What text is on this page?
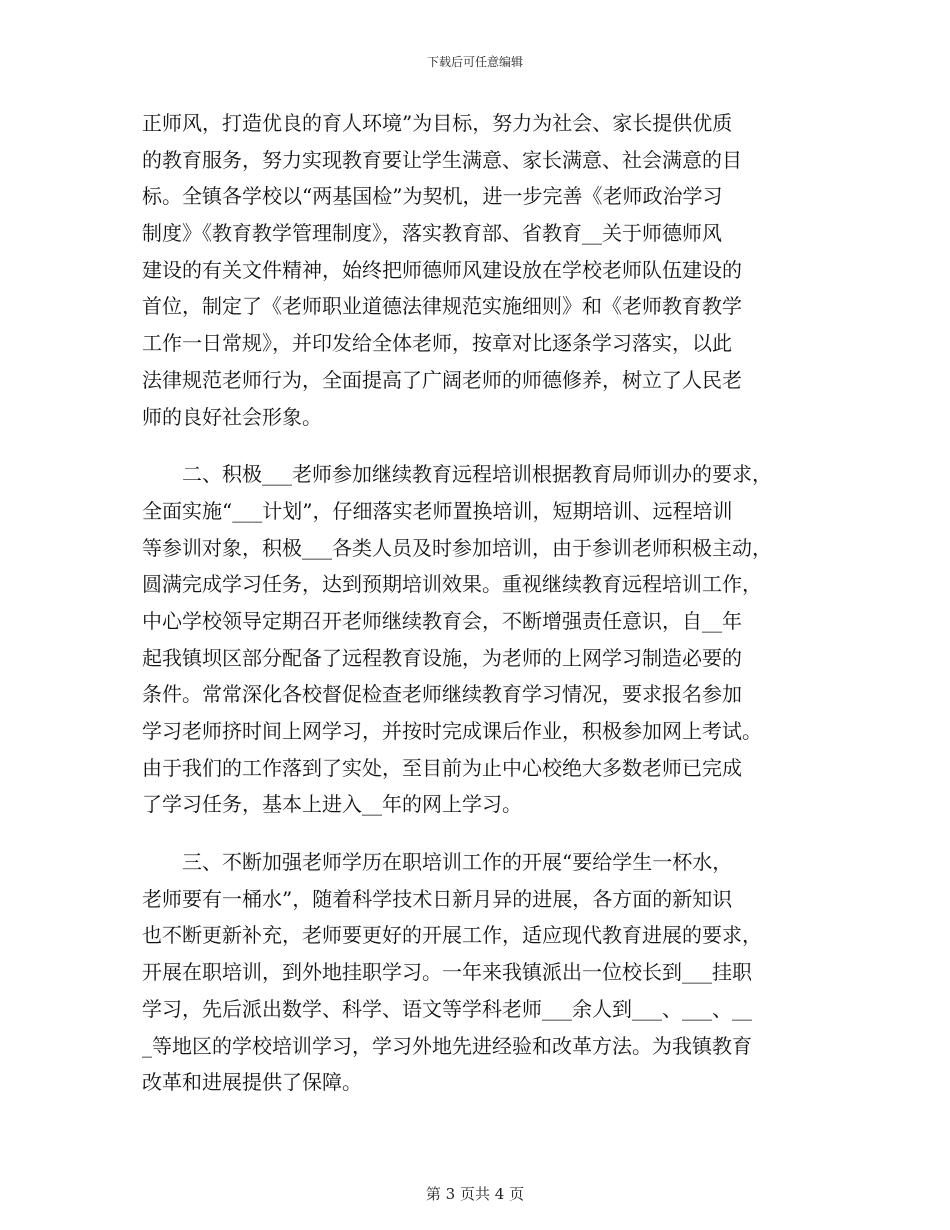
下载后可任意编辑
正师风，打造优良的育人环境”为目标，努力为社会、家长提供优质
的教育服务，努力实现教育要让学生满意、家长满意、社会满意的目
标。全镇各学校以“两基国检”为契机，进一步完善《老师政治学习
制度》《教育教学管理制度》，落实教育部、省教育__关于师德师风
建设的有关文件精神，始终把师德师风建设放在学校老师队伍建设的
首位，制定了《老师职业道德法律规范实施细则》和《老师教育教学
工作一日常规》，并印发给全体老师，按章对比逐条学习落实，以此
法律规范老师行为，全面提高了广阔老师的师德修养，树立了人民老
师的良好社会形象。
　　二、积极___老师参加继续教育远程培训根据教育局师训办的要求，
全面实施“___计划”，仔细落实老师置换培训，短期培训、远程培训
等参训对象，积极___各类人员及时参加培训，由于参训老师积极主动，
圆满完成学习任务，达到预期培训效果。重视继续教育远程培训工作，
中心学校领导定期召开老师继续教育会，不断增强责任意识，自__年
起我镇坝区部分配备了远程教育设施，为老师的上网学习制造必要的
条件。常常深化各校督促检查老师继续教育学习情况，要求报名参加
学习老师挤时间上网学习，并按时完成课后作业，积极参加网上考试。
由于我们的工作落到了实处，至目前为止中心校绝大多数老师已完成
了学习任务，基本上进入__年的网上学习。
　　三、不断加强老师学历在职培训工作的开展“要给学生一杯水，
老师要有一桶水”，随着科学技术日新月异的进展，各方面的新知识
也不断更新补充，老师要更好的开展工作，适应现代教育进展的要求，
开展在职培训，到外地挂职学习。一年来我镇派出一位校长到___挂职
学习，先后派出数学、科学、语文等学科老师___余人到___、___、__
_等地区的学校培训学习，学习外地先进经验和改革方法。为我镇教育
改革和进展提供了保障。
第 3 页共 4 页
